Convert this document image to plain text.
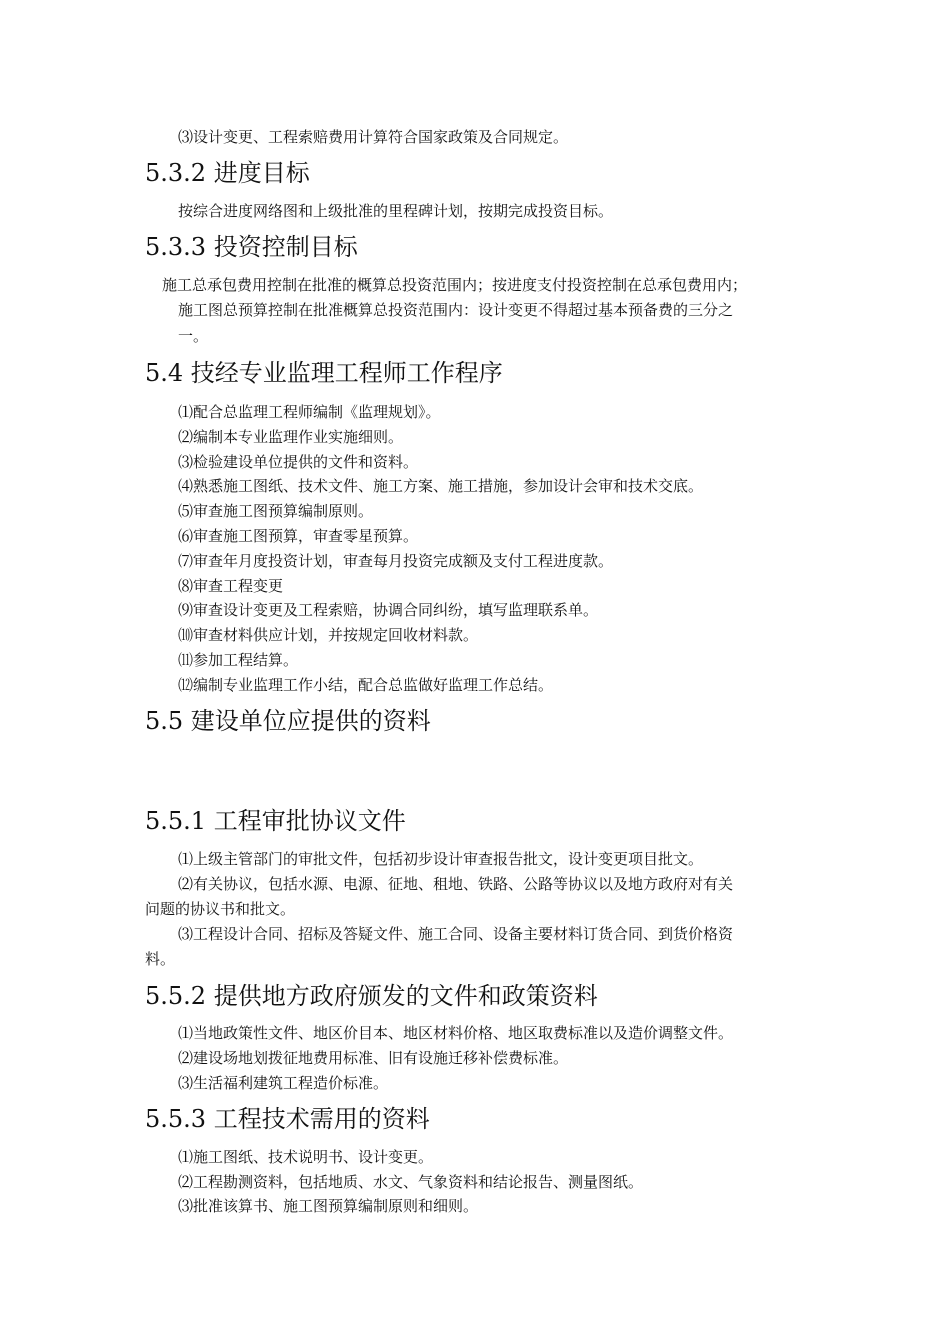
⑶设计变更、工程索赔费用计算符合国家政策及合同规定。
5.3.2 进度目标
按综合进度网络图和上级批准的里程碑计划，按期完成投资目标。
5.3.3 投资控制目标
施工总承包费用控制在批准的概算总投资范围内；按进度支付投资控制在总承包费用内；
施工图总预算控制在批准概算总投资范围内：设计变更不得超过基本预备费的三分之
一。
5.4 技经专业监理工程师工作程序
⑴配合总监理工程师编制《监理规划》。
⑵编制本专业监理作业实施细则。
⑶检验建设单位提供的文件和资料。
⑷熟悉施工图纸、技术文件、施工方案、施工措施，参加设计会审和技术交底。
⑸审查施工图预算编制原则。
⑹审查施工图预算，审查零星预算。
⑺审查年月度投资计划，审查每月投资完成额及支付工程进度款。
⑻审查工程变更
⑼审查设计变更及工程索赔，协调合同纠纷，填写监理联系单。
⑽审查材料供应计划，并按规定回收材料款。
⑾参加工程结算。
⑿编制专业监理工作小结，配合总监做好监理工作总结。
5.5 建设单位应提供的资料
5.5.1 工程审批协议文件
⑴上级主管部门的审批文件，包括初步设计审查报告批文，设计变更项目批文。
⑵有关协议，包括水源、电源、征地、租地、铁路、公路等协议以及地方政府对有关
问题的协议书和批文。
⑶工程设计合同、招标及答疑文件、施工合同、设备主要材料订货合同、到货价格资
料。
5.5.2 提供地方政府颁发的文件和政策资料
⑴当地政策性文件、地区价目本、地区材料价格、地区取费标准以及造价调整文件。
⑵建设场地划拨征地费用标准、旧有设施迁移补偿费标准。
⑶生活福利建筑工程造价标准。
5.5.3 工程技术需用的资料
⑴施工图纸、技术说明书、设计变更。
⑵工程勘测资料，包括地质、水文、气象资料和结论报告、测量图纸。
⑶批准该算书、施工图预算编制原则和细则。
